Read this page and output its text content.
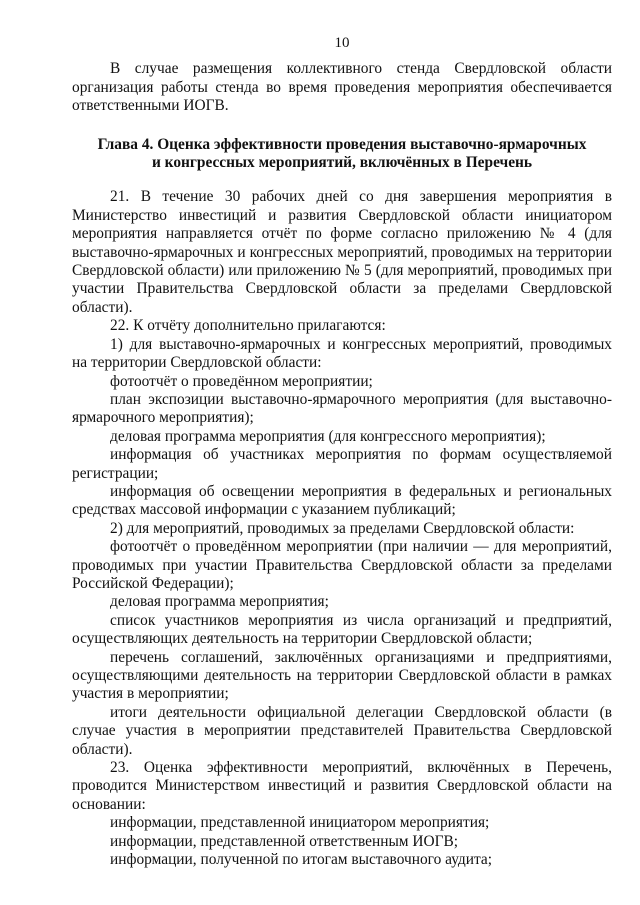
10

В случае размещения коллективного стенда Свердловской области организация работы стенда во время проведения мероприятия обеспечивается ответственными ИОГВ.

Глава 4. Оценка эффективности проведения выставочно-ярмарочных
и конгрессных мероприятий, включённых в Перечень

21. В течение 30 рабочих дней со дня завершения мероприятия в Министерство инвестиций и развития Свердловской области инициатором мероприятия направляется отчёт по форме согласно приложению № 4 (для выставочно-ярмарочных и конгрессных мероприятий, проводимых на территории Свердловской области) или приложению № 5 (для мероприятий, проводимых при участии Правительства Свердловской области за пределами Свердловской области).

22. К отчёту дополнительно прилагаются:

1) для выставочно-ярмарочных и конгрессных мероприятий, проводимых на территории Свердловской области:

фотоотчёт о проведённом мероприятии;

план экспозиции выставочно-ярмарочного мероприятия (для выставочно-ярмарочного мероприятия);

деловая программа мероприятия (для конгрессного мероприятия);

информация об участниках мероприятия по формам осуществляемой регистрации;

информация об освещении мероприятия в федеральных и региональных средствах массовой информации с указанием публикаций;

2) для мероприятий, проводимых за пределами Свердловской области:

фотоотчёт о проведённом мероприятии (при наличии — для мероприятий, проводимых при участии Правительства Свердловской области за пределами Российской Федерации);

деловая программа мероприятия;

список участников мероприятия из числа организаций и предприятий, осуществляющих деятельность на территории Свердловской области;

перечень соглашений, заключённых организациями и предприятиями, осуществляющими деятельность на территории Свердловской области в рамках участия в мероприятии;

итоги деятельности официальной делегации Свердловской области (в случае участия в мероприятии представителей Правительства Свердловской области).

23. Оценка эффективности мероприятий, включённых в Перечень, проводится Министерством инвестиций и развития Свердловской области на основании:

информации, представленной инициатором мероприятия;

информации, представленной ответственным ИОГВ;

информации, полученной по итогам выставочного аудита;
